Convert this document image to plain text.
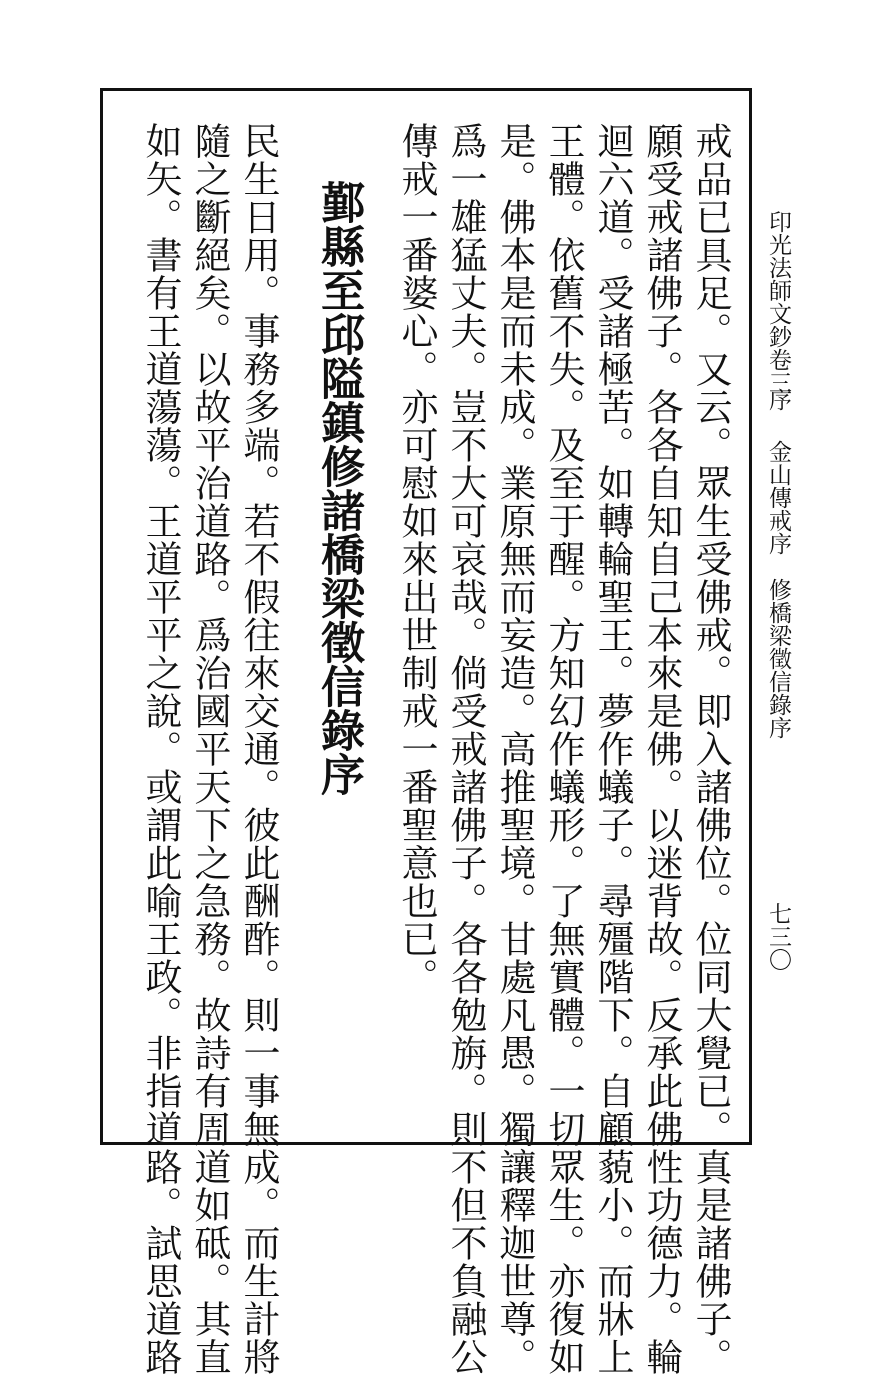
印光法師文鈔卷三
序
金山傳戒序　修橋梁徵信錄序
七三〇
戒品已具足。又云。眾生受佛戒。即入諸佛位。位同大覺已。真是諸佛子。
願受戒諸佛子。各各自知自己本來是佛。以迷背故。反承此佛性功德力。輪
迴六道。受諸極苦。如轉輪聖王。夢作蟻子。尋殭階下。自顧藐小。而牀上
王體。依舊不失。及至于醒。方知幻作蟻形。了無實體。一切眾生。亦復如
是。佛本是而未成。業原無而妄造。高推聖境。甘處凡愚。獨讓釋迦世尊。
爲一雄猛丈夫。豈不大可哀哉。倘受戒諸佛子。各各勉旃。則不但不負融公
傳戒一番婆心。亦可慰如來出世制戒一番聖意也已。
鄞縣至邱隘鎮修諸橋梁徵信錄序
民生日用。事務多端。若不假往來交通。彼此酬酢。則一事無成。而生計將
隨之斷絕矣。以故平治道路。爲治國平天下之急務。故詩有周道如砥。其直
如矢。書有王道蕩蕩。王道平平之說。或謂此喻王政。非指道路。試思道路
